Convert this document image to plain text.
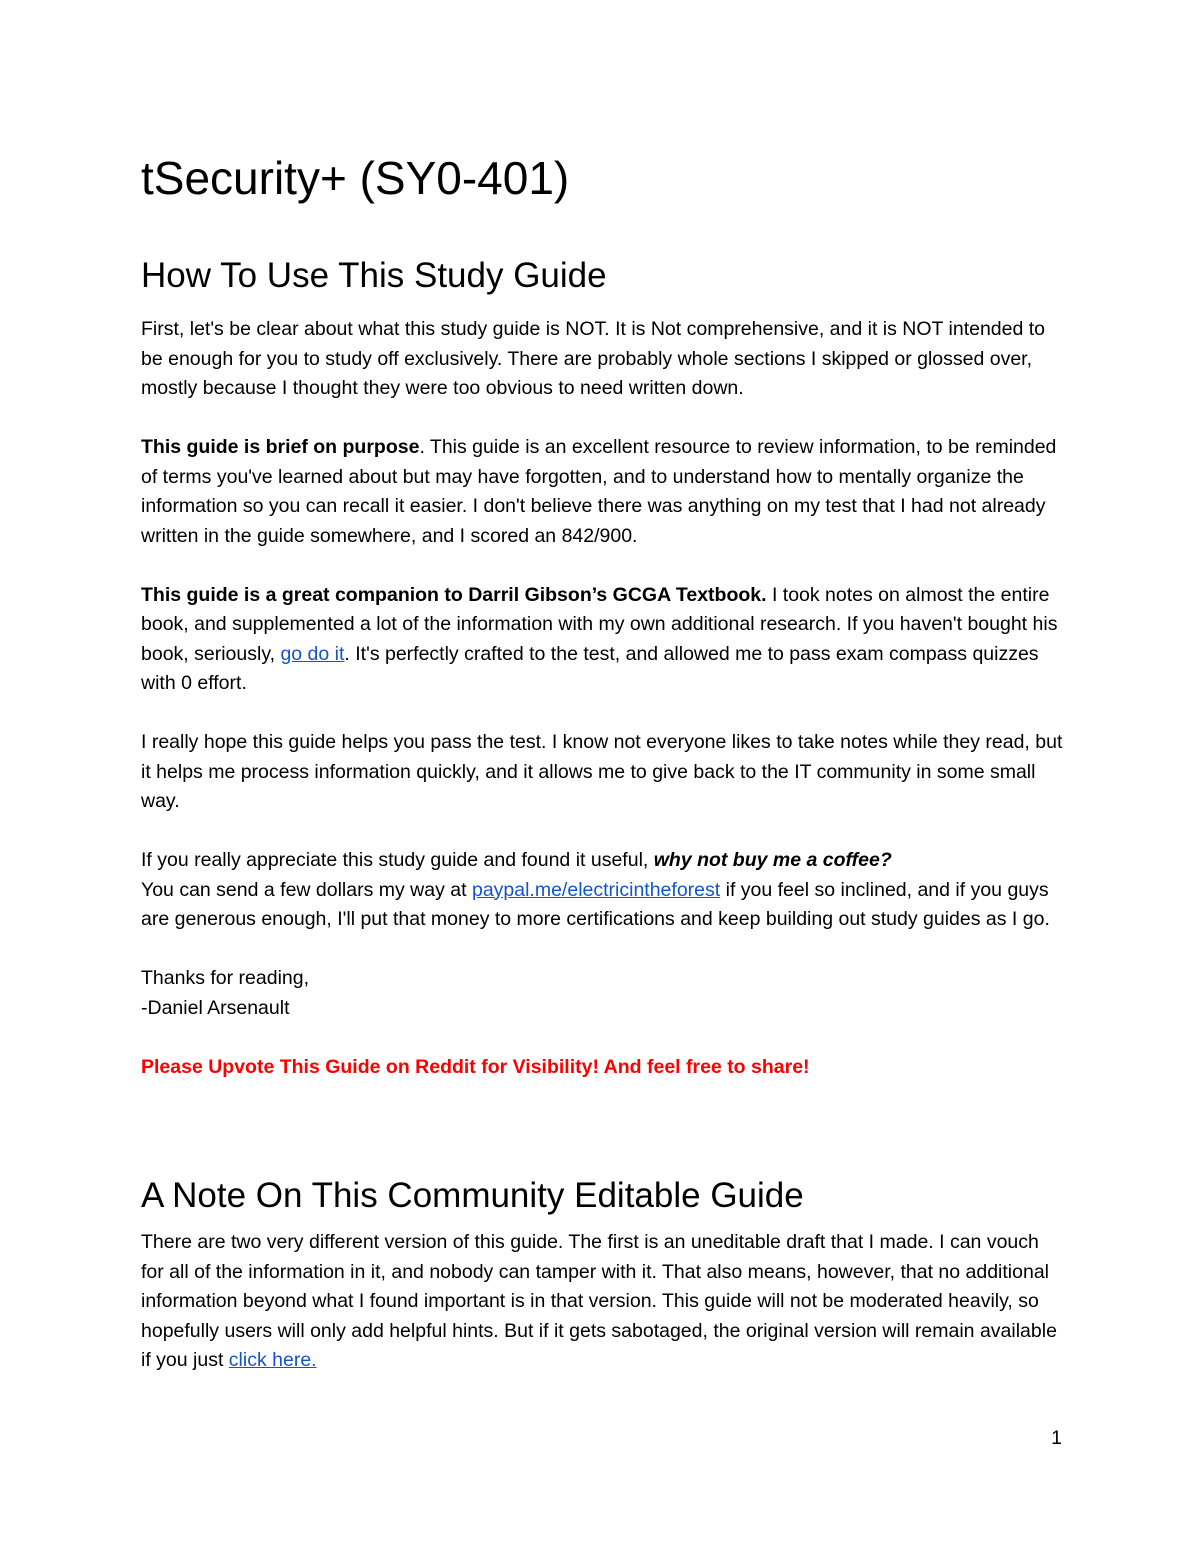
tSecurity+ (SY0-401)
How To Use This Study Guide

First, let's be clear about what this study guide is NOT. It is Not comprehensive, and it is NOT intended to be enough for you to study off exclusively. There are probably whole sections I skipped or glossed over, mostly because I thought they were too obvious to need written down.

This guide is brief on purpose. This guide is an excellent resource to review information, to be reminded of terms you've learned about but may have forgotten, and to understand how to mentally organize the information so you can recall it easier. I don't believe there was anything on my test that I had not already written in the guide somewhere, and I scored an 842/900.

This guide is a great companion to Darril Gibson’s GCGA Textbook. I took notes on almost the entire book, and supplemented a lot of the information with my own additional research. If you haven't bought his book, seriously, go do it. It's perfectly crafted to the test, and allowed me to pass exam compass quizzes with 0 effort.

I really hope this guide helps you pass the test. I know not everyone likes to take notes while they read, but it helps me process information quickly, and it allows me to give back to the IT community in some small way.

If you really appreciate this study guide and found it useful, why not buy me a coffee?
You can send a few dollars my way at paypal.me/electricintheforest if you feel so inclined, and if you guys are generous enough, I'll put that money to more certifications and keep building out study guides as I go.

Thanks for reading,
-Daniel Arsenault

Please Upvote This Guide on Reddit for Visibility! And feel free to share!

A Note On This Community Editable Guide

There are two very different version of this guide. The first is an uneditable draft that I made. I can vouch for all of the information in it, and nobody can tamper with it. That also means, however, that no additional information beyond what I found important is in that version. This guide will not be moderated heavily, so hopefully users will only add helpful hints. But if it gets sabotaged, the original version will remain available if you just click here.

1
